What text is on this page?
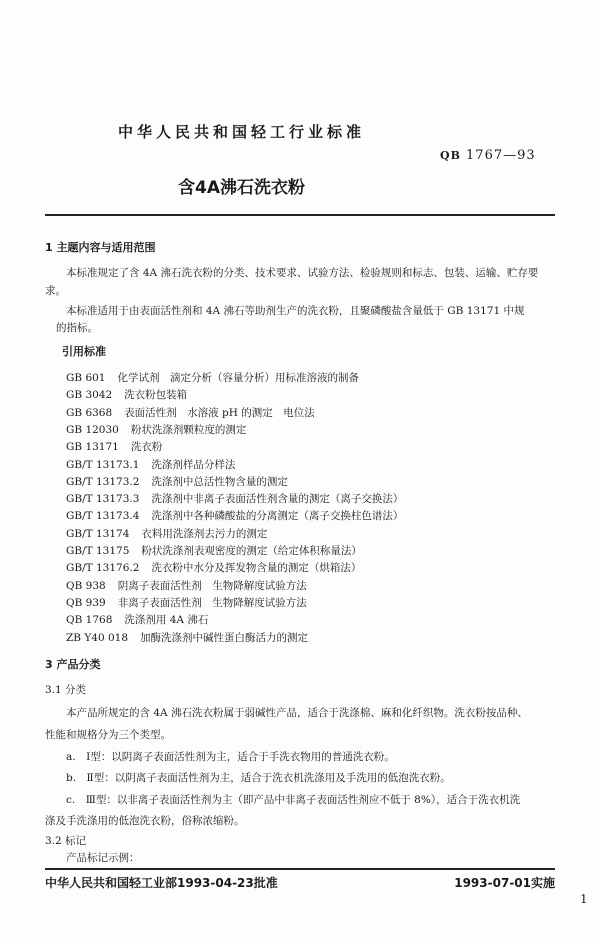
中华人民共和国轻工行业标准
QB 1767—93
含4A沸石洗衣粉
1 主题内容与适用范围
本标准规定了含 4A 沸石洗衣粉的分类、技术要求、试验方法、检验规则和标志、包装、运输、贮存要
求。
本标准适用于由表面活性剂和 4A 沸石等助剂生产的洗衣粉，且聚磷酸盐含量低于 GB 13171 中规
的指标。
引用标准
GB 601 化学试剂　滴定分析（容量分析）用标准溶液的制备
GB 3042 洗衣粉包装箱
GB 6368 表面活性剂　水溶液 pH 的测定　电位法
GB 12030 粉状洗涤剂颗粒度的测定
GB 13171 洗衣粉
GB/T 13173.1 洗涤剂样品分样法
GB/T 13173.2 洗涤剂中总活性物含量的测定
GB/T 13173.3 洗涤剂中非离子表面活性剂含量的测定（离子交换法）
GB/T 13173.4 洗涤剂中各种磷酸盐的分离测定（离子交换柱色谱法）
GB/T 13174 衣料用洗涤剂去污力的测定
GB/T 13175 粉状洗涤剂表观密度的测定（给定体积称量法）
GB/T 13176.2 洗衣粉中水分及挥发物含量的测定（烘箱法）
QB 938 阴离子表面活性剂　生物降解度试验方法
QB 939 非离子表面活性剂　生物降解度试验方法
QB 1768 洗涤剂用 4A 沸石
ZB Y40 018 加酶洗涤剂中碱性蛋白酶活力的测定
3 产品分类
3.1 分类
本产品所规定的含 4A 沸石洗衣粉属于弱碱性产品，适合于洗涤棉、麻和化纤织物。洗衣粉按品种、
性能和规格分为三个类型。
a.　Ⅰ型：以阴离子表面活性剂为主，适合于手洗衣物用的普通洗衣粉。
b.　Ⅱ型：以阴离子表面活性剂为主，适合于洗衣机洗涤用及手洗用的低泡洗衣粉。
c.　Ⅲ型：以非离子表面活性剂为主（即产品中非离子表面活性剂应不低于 8%），适合于洗衣机洗
涤及手洗涤用的低泡洗衣粉，俗称浓缩粉。
3.2 标记
产品标记示例：
中华人民共和国轻工业部1993-04-23批准	1993-07-01实施
1
